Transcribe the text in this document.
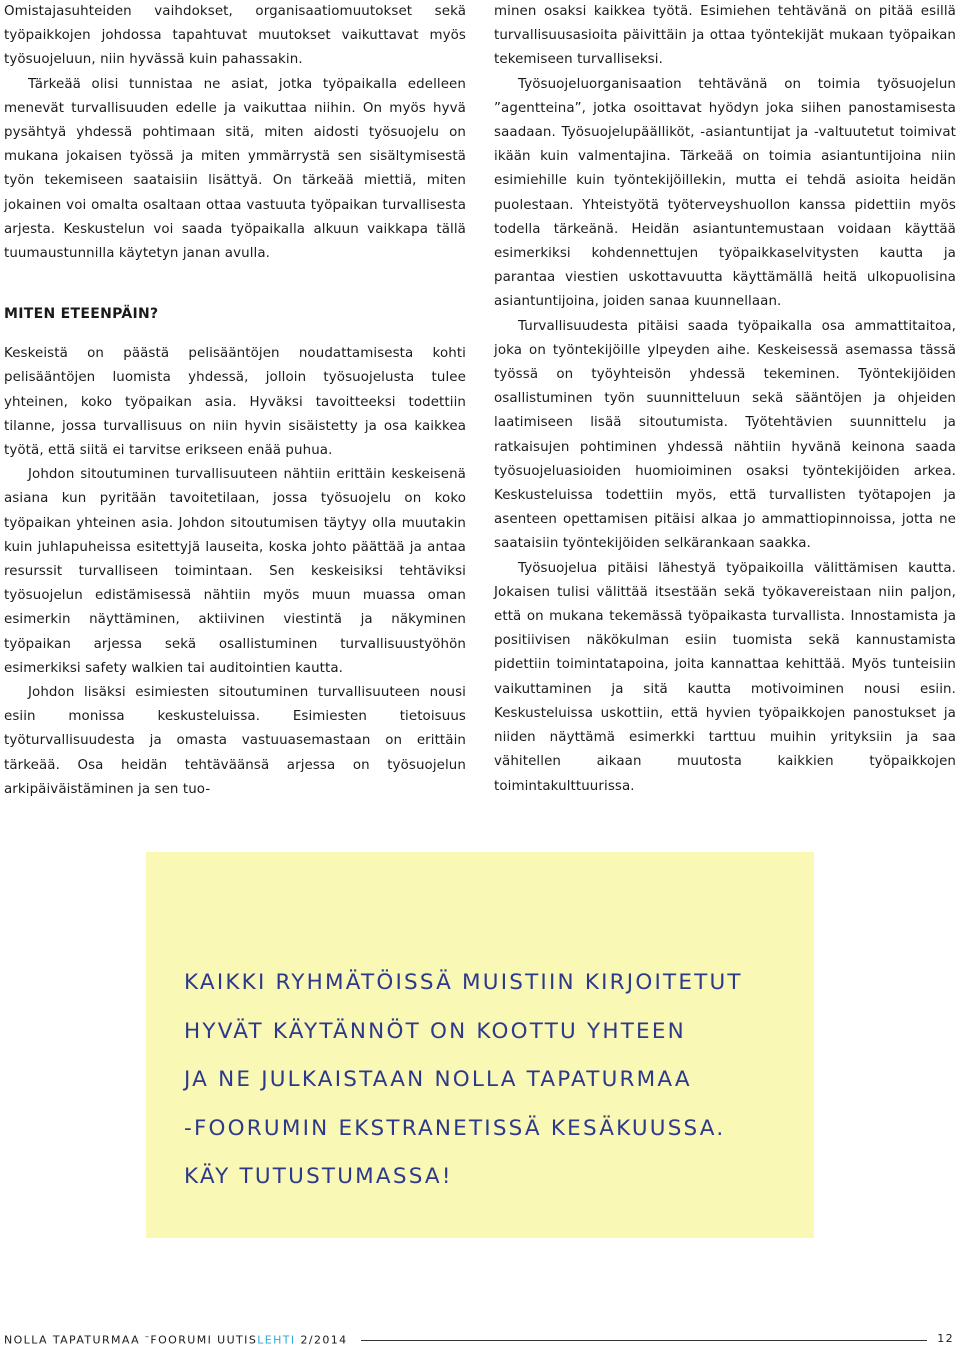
Omistajasuhteiden vaihdokset, organisaatiomuutokset sekä työpaikkojen johdossa tapahtuvat muutokset vaikuttavat myös työsuojeluun, niin hyvässä kuin pahassakin.

Tärkeää olisi tunnistaa ne asiat, jotka työpaikalla edelleen menevät turvallisuuden edelle ja vaikuttaa niihin. On myös hyvä pysähtyä yhdessä pohtimaan sitä, miten aidosti työsuojelu on mukana jokaisen työssä ja miten ymmärrystä sen sisältymisestä työn tekemiseen saataisiin lisättyä. On tärkeää miettiä, miten jokainen voi omalta osaltaan ottaa vastuuta työpaikan turvallisesta arjesta. Keskustelun voi saada työpaikalla alkuun vaikkapa tällä tuumaustunnilla käytetyn janan avulla.

MITEN ETEENPÄIN?

Keskeistä on päästä pelisääntöjen noudattamisesta kohti pelisääntöjen luomista yhdessä, jolloin työsuojelusta tulee yhteinen, koko työpaikan asia. Hyväksi tavoitteeksi todettiin tilanne, jossa turvallisuus on niin hyvin sisäistetty ja osa kaikkea työtä, että siitä ei tarvitse erikseen enää puhua.

Johdon sitoutuminen turvallisuuteen nähtiin erittäin keskeisenä asiana kun pyritään tavoitetilaan, jossa työsuojelu on koko työpaikan yhteinen asia. Johdon sitoutumisen täytyy olla muutakin kuin juhlapuheissa esitettyjä lauseita, koska johto päättää ja antaa resurssit turvalliseen toimintaan. Sen keskeisiksi tehtäviksi työsuojelun edistämisessä nähtiin myös muun muassa oman esimerkin näyttäminen, aktiivinen viestintä ja näkyminen työpaikan arjessa sekä osallistuminen turvallisuustyöhön esimerkiksi safety walkien tai auditointien kautta.

Johdon lisäksi esimiesten sitoutuminen turvallisuuteen nousi esiin monissa keskusteluissa. Esimiesten tietoisuus työturvallisuudesta ja omasta vastuuasemastaan on erittäin tärkeää. Osa heidän tehtäväänsä arjessa on työsuojelun arkipäiväistäminen ja sen tuo-

minen osaksi kaikkea työtä. Esimiehen tehtävänä on pitää esillä turvallisuusasioita päivittäin ja ottaa työntekijät mukaan työpaikan tekemiseen turvalliseksi.

Työsuojeluorganisaation tehtävänä on toimia työsuojelun ”agentteina”, jotka osoittavat hyödyn joka siihen panostamisesta saadaan. Työsuojelupäälliköt, -asiantuntijat ja -valtuutetut toimivat ikään kuin valmentajina. Tärkeää on toimia asiantuntijoina niin esimiehille kuin työntekijöillekin, mutta ei tehdä asioita heidän puolestaan. Yhteistyötä työterveyshuollon kanssa pidettiin myös todella tärkeänä. Heidän asiantuntemustaan voidaan käyttää esimerkiksi kohdennettujen työpaikkaselvitysten kautta ja parantaa viestien uskottavuutta käyttämällä heitä ulkopuolisina asiantuntijoina, joiden sanaa kuunnellaan.

Turvallisuudesta pitäisi saada työpaikalla osa ammattitaitoa, joka on työntekijöille ylpeyden aihe. Keskeisessä asemassa tässä työssä on työyhteisön yhdessä tekeminen. Työntekijöiden osallistuminen työn suunnitteluun sekä sääntöjen ja ohjeiden laatimiseen lisää sitoutumista. Työtehtävien suunnittelu ja ratkaisujen pohtiminen yhdessä nähtiin hyvänä keinona saada työsuojeluasioiden huomioiminen osaksi työntekijöiden arkea. Keskusteluissa todettiin myös, että turvallisten työtapojen ja asenteen opettamisen pitäisi alkaa jo ammattiopinnoissa, jotta ne saataisiin työntekijöiden selkärankaan saakka.

Työsuojelua pitäisi lähestyä työpaikoilla välittämisen kautta. Jokaisen tulisi välittää itsestään sekä työkavereistaan niin paljon, että on mukana tekemässä työpaikasta turvallista. Innostamista ja positiivisen näkökulman esiin tuomista sekä kannustamista pidettiin toimintatapoina, joita kannattaa kehittää. Myös tunteisiin vaikuttaminen ja sitä kautta motivoiminen nousi esiin. Keskusteluissa uskottiin, että hyvien työpaikkojen panostukset ja niiden näyttämä esimerkki tarttuu muihin yrityksiin ja saa vähitellen aikaan muutosta kaikkien työpaikkojen toimintakulttuurissa.

KAIKKI RYHMÄTÖISSÄ MUISTIIN KIRJOITETUT
HYVÄT KÄYTÄNNÖT ON KOOTTU YHTEEN
JA NE JULKAISTAAN NOLLA TAPATURMAA
-FOORUMIN EKSTRANETISSÄ KESÄKUUSSA.
KÄY TUTUSTUMASSA!
NOLLA TAPATURMAA –FOORUMI UUTISLEHTI 2/2014	12
